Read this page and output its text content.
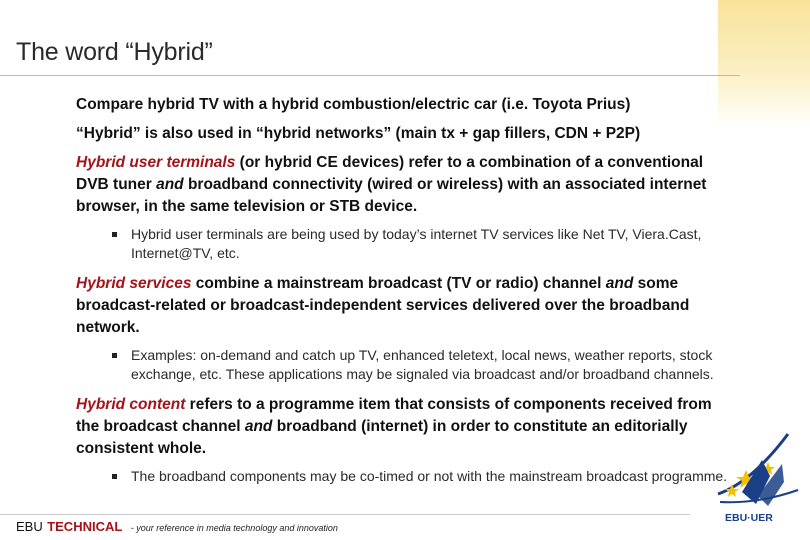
The word “Hybrid”
Compare hybrid TV with a hybrid combustion/electric car (i.e. Toyota Prius)
“Hybrid” is also used in “hybrid networks” (main tx + gap fillers, CDN + P2P)
Hybrid user terminals (or hybrid CE devices) refer to a combination of a conventional DVB tuner and broadband connectivity (wired or wireless) with an associated internet browser, in the same television or STB device.
Hybrid user terminals are being used by today’s internet TV services like Net TV, Viera.Cast, Internet@TV, etc.
Hybrid services combine a mainstream broadcast (TV or radio) channel and some broadcast-related or broadcast-independent services delivered over the broadband network.
Examples: on-demand and catch up TV, enhanced teletext, local news, weather reports, stock exchange, etc. These applications may be signaled via broadcast and/or broadband channels.
Hybrid content refers to a programme item that consists of components received from the broadcast channel and broadband (internet) in order to constitute an editorially consistent whole.
The broadband components may be co-timed or not with the mainstream broadcast programme.
EBU TECHNICAL - your reference in media technology and innovation
EBU·UER
